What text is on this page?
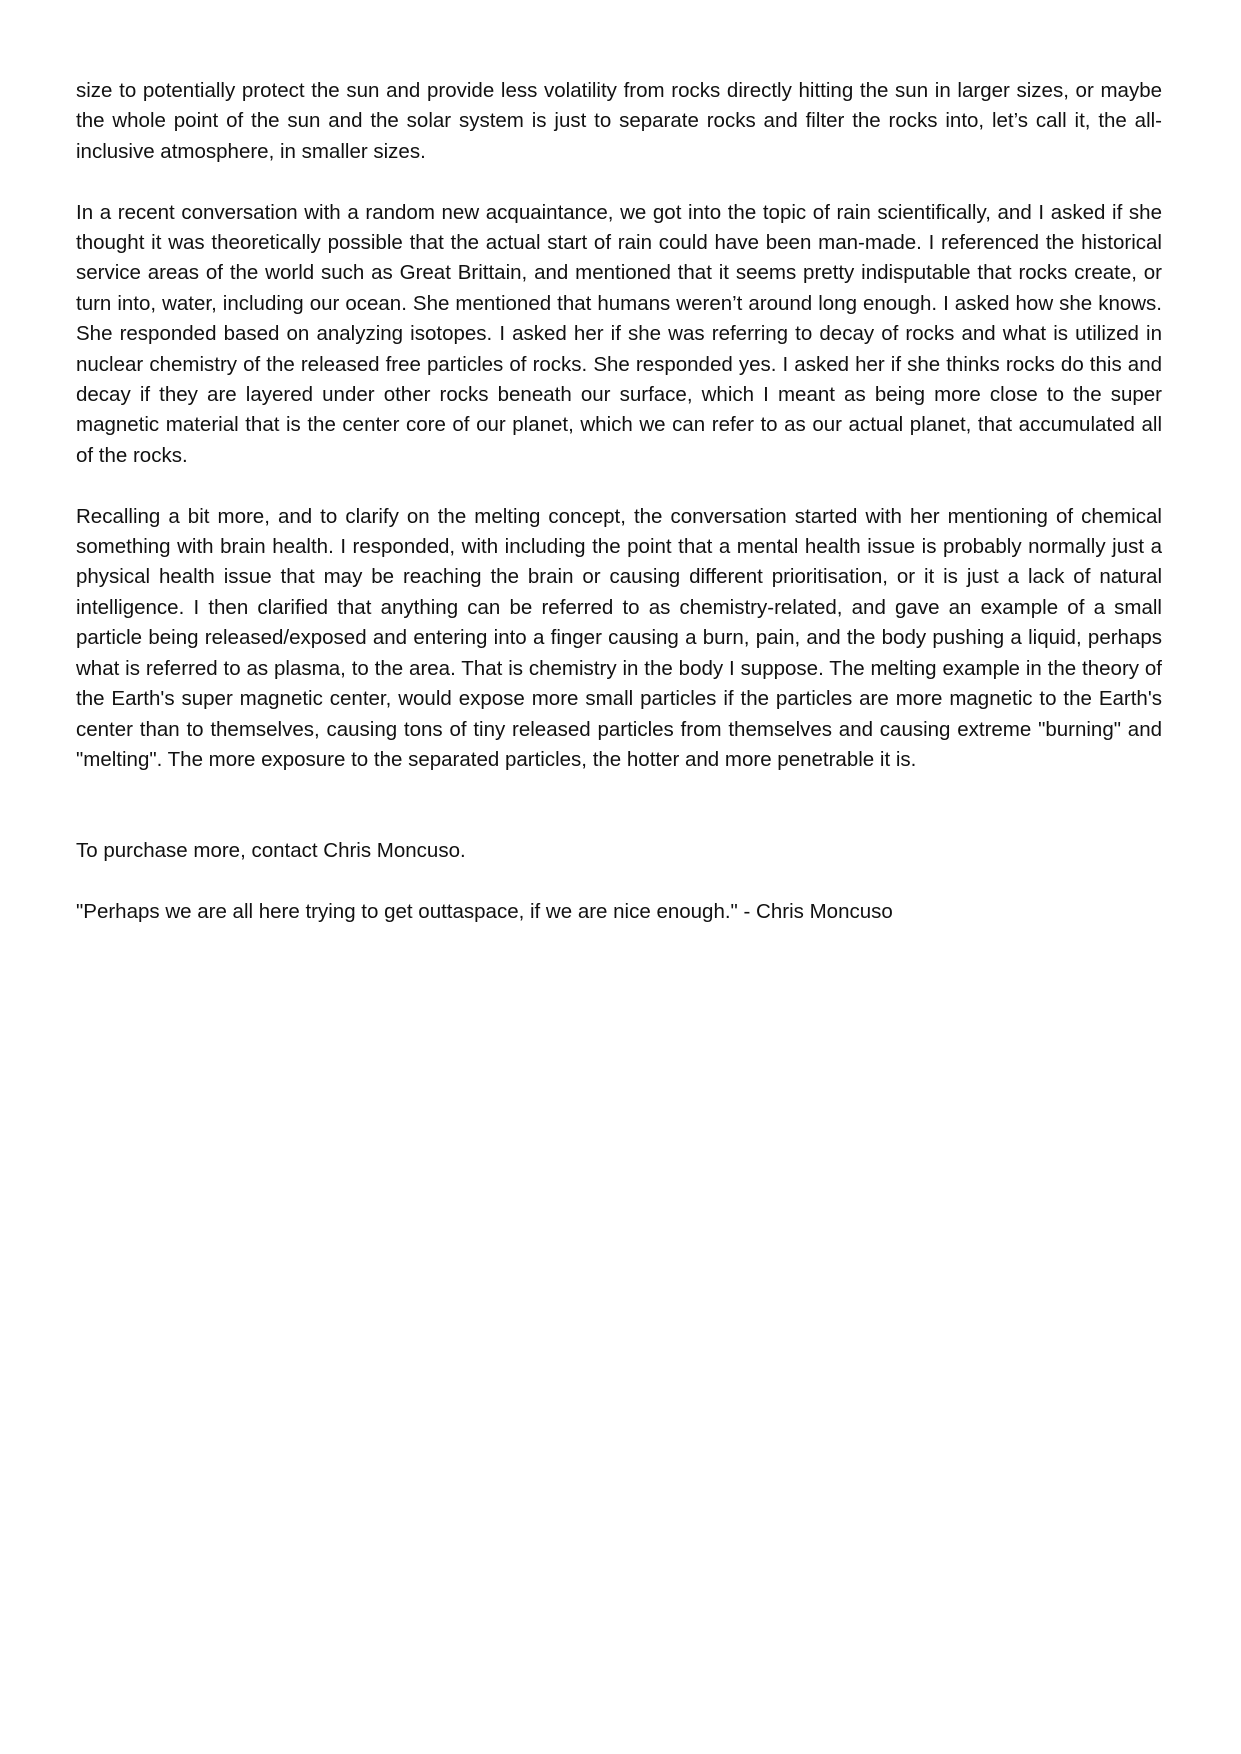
size to potentially protect the sun and provide less volatility from rocks directly hitting the sun in larger sizes, or maybe the whole point of the sun and the solar system is just to separate rocks and filter the rocks into, let’s call it, the all-inclusive atmosphere, in smaller sizes.

In a recent conversation with a random new acquaintance, we got into the topic of rain scientifically, and I asked if she thought it was theoretically possible that the actual start of rain could have been man-made. I referenced the historical service areas of the world such as Great Brittain, and mentioned that it seems pretty indisputable that rocks create, or turn into, water, including our ocean. She mentioned that humans weren’t around long enough. I asked how she knows. She responded based on analyzing isotopes. I asked her if she was referring to decay of rocks and what is utilized in nuclear chemistry of the released free particles of rocks. She responded yes. I asked her if she thinks rocks do this and decay if they are layered under other rocks beneath our surface, which I meant as being more close to the super magnetic material that is the center core of our planet, which we can refer to as our actual planet, that accumulated all of the rocks.

Recalling a bit more, and to clarify on the melting concept, the conversation started with her mentioning of chemical something with brain health. I responded, with including the point that a mental health issue is probably normally just a physical health issue that may be reaching the brain or causing different prioritisation, or it is just a lack of natural intelligence. I then clarified that anything can be referred to as chemistry-related, and gave an example of a small particle being released/exposed and entering into a finger causing a burn, pain, and the body pushing a liquid, perhaps what is referred to as plasma, to the area. That is chemistry in the body I suppose. The melting example in the theory of the Earth's super magnetic center, would expose more small particles if the particles are more magnetic to the Earth's center than to themselves, causing tons of tiny released particles from themselves and causing extreme "burning" and "melting". The more exposure to the separated particles, the hotter and more penetrable it is.

To purchase more, contact Chris Moncuso.

"Perhaps we are all here trying to get outtaspace, if we are nice enough." - Chris Moncuso
